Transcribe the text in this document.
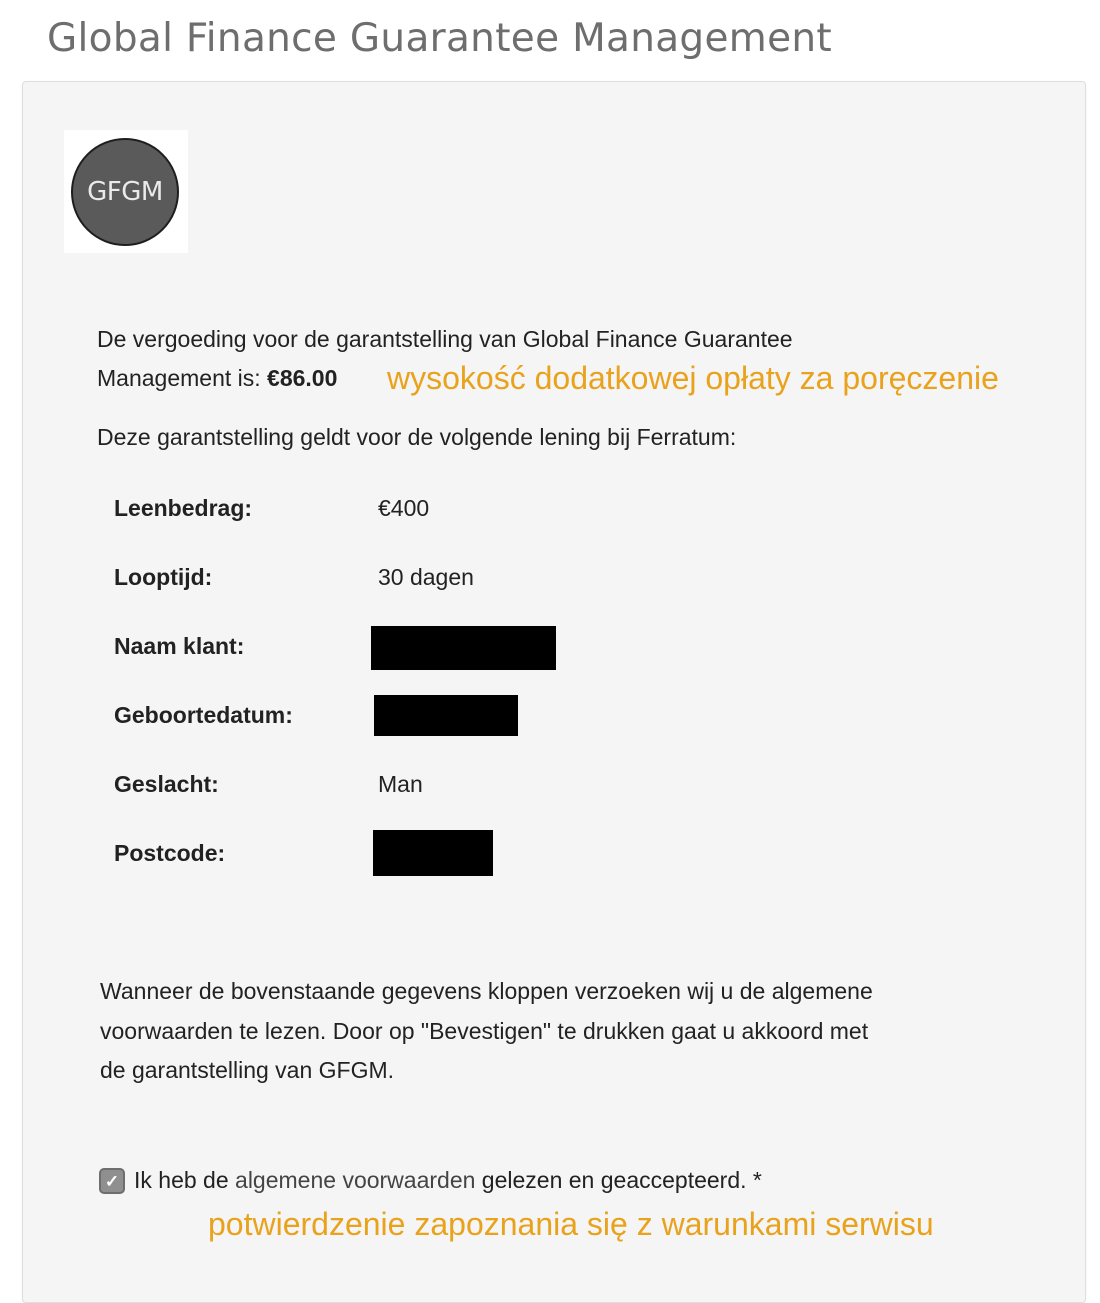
Global Finance Guarantee Management
GFGM

De vergoeding voor de garantstelling van Global Finance Guarantee

Management is: €86.00 wysokość dodatkowej opłaty za poręczenie

Deze garantstelling geldt voor de volgende lening bij Ferratum:

Leenbedrag:	€400
Looptijd:	30 dagen
Naam klant:
Geboortedatum:
Geslacht:	Man
Postcode:
Wanneer de bovenstaande gegevens kloppen verzoeken wij u de algemene
voorwaarden te lezen. Door op "Bevestigen" te drukken gaat u akkoord met
de garantstelling van GFGM.
✓ Ik heb de algemene voorwaarden gelezen en geaccepteerd. *
potwierdzenie zapoznania się z warunkami serwisu
